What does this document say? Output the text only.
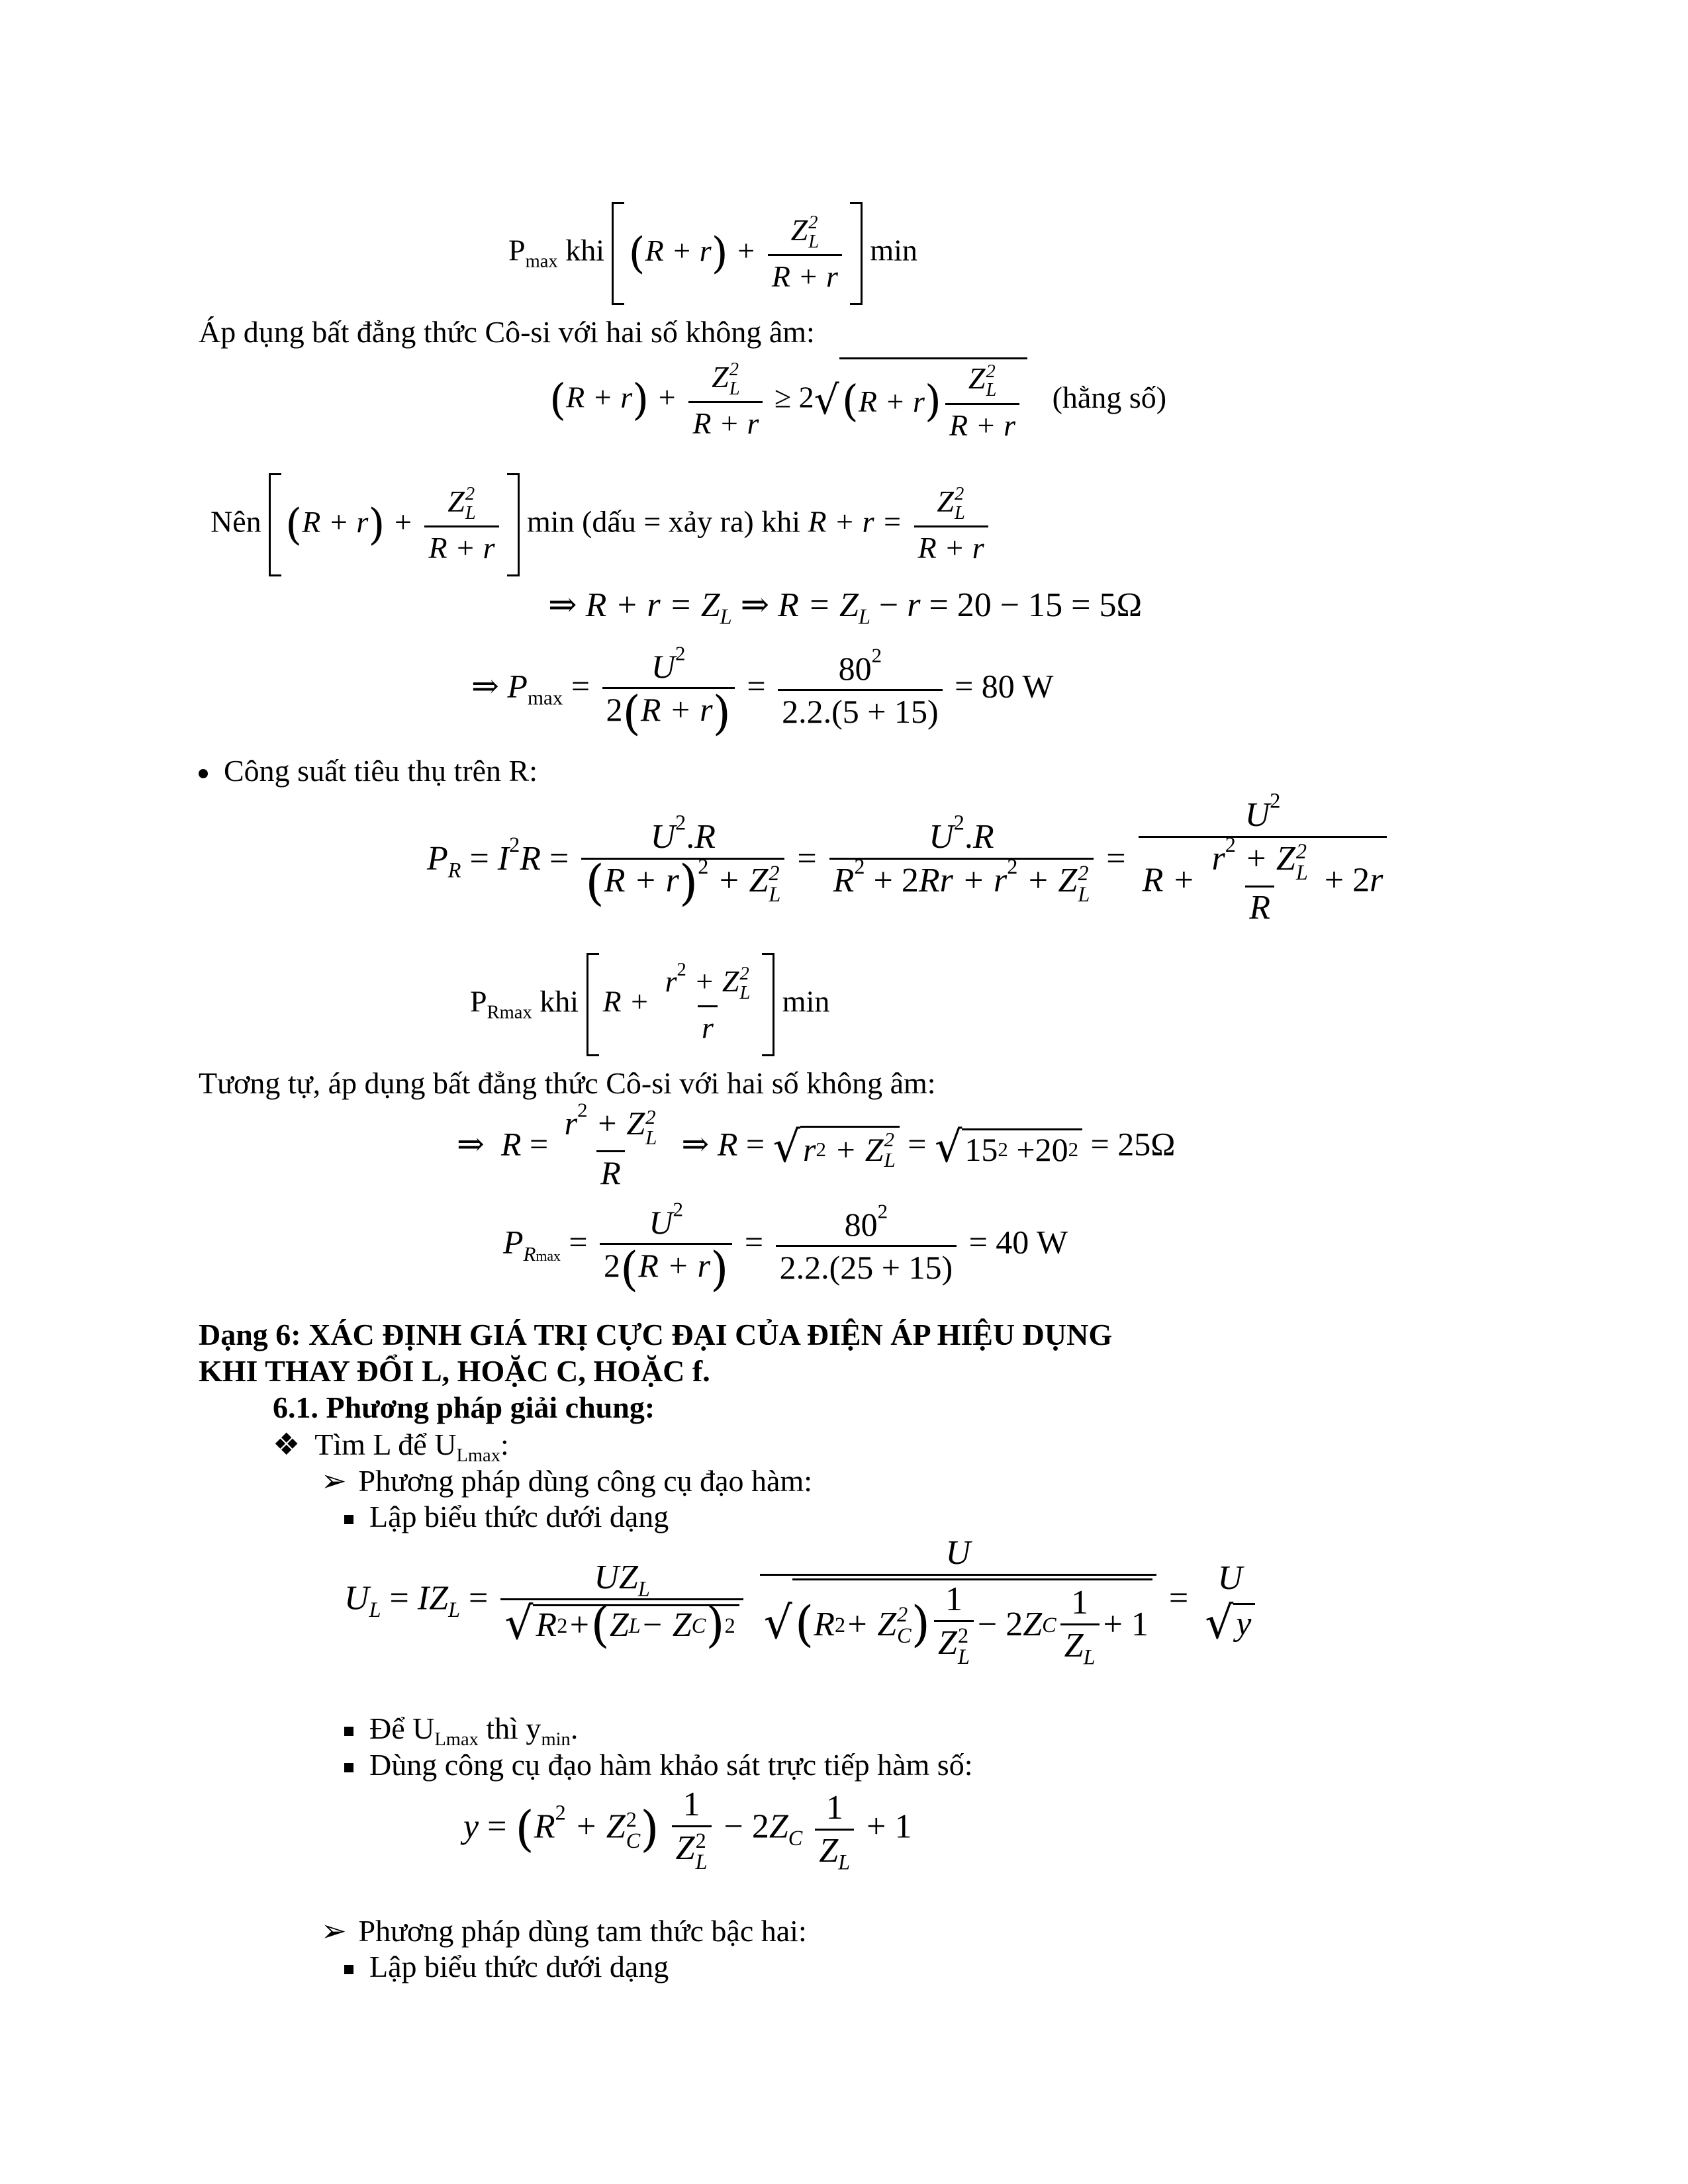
$P_{max}$ khi (R + r) + Z 2
L
R + r min
Áp dụng bất đẳng thức Cô-si với hai số không âm:
(R + r) + Z 2
L
R + r ≥ 2 √ ( R + r ) Z 2
L
R + r (hằng số)
Nên (R + r) + Z 2
L
R + r min (dấu = xảy ra) khi R + r = Z 2
L
R + r
⇒ $R + r = Z_L$ ⇒ $R = Z_L - r = 20 - 15 = 5\Omega$
⇒ $P_{max} = \frac{U^2}{2(R + r)} = \frac{80^2}{2.2.(5 + 15)} = 80$ W
Công suất tiêu thụ trên R:
$P_R = I^2R = U^2.R$
$(R + r)^2 + Z$ 2
$L = U^2.R$
$R^2 + 2Rr + r^2 + Z$ 2
$L = U^2$
$R + r^2 + Z$ 2
L
R + 2r
$P_{Rmax}$ khi $R + r^2 + Z$ 2
L
r min
Tương tự, áp dụng bất đẳng thức Cô-si với hai số không âm:
⇒  $R = r^2 + Z$ 2
L
R ⇒ R = √ r 2 + Z 2
L = √ 15 2 + 20 2 = 25Ω
$P_{Rmax} = \frac{U^2}{2(R + r)} = \frac{80^2}{2.2.(25 + 15)} = 40$ W
Dạng 6: XÁC ĐỊNH GIÁ TRỊ CỰC ĐẠI CỦA ĐIỆN ÁP HIỆU DỤNG
KHI THAY ĐỔI L, HOẶC C, HOẶC f.
6.1. Phương pháp giải chung:
❖ Tìm L để $U_{Lmax}$:
➢ Phương pháp dùng công cụ đạo hàm:
Lập biểu thức dưới dạng
$U_L = IZ_L = \frac{UZ_L}{\text{√ R 2 + ( Z L − Z C ) 2}}$
U
√ ( R 2 + Z 2
C ) 1
Z 2
L − 2 Z C $\frac{1}{Z_L} + 1$ =
U
√ y
Để $U_{Lmax}$ thì $y_{min}$.
Dùng công cụ đạo hàm khảo sát trực tiếp hàm số:
$y = (R^2 + Z$ 2
C ) 1
Z 2
$L - 2Z_C \frac{1}{Z_L} + 1$
➢ Phương pháp dùng tam thức bậc hai:
Lập biểu thức dưới dạng
